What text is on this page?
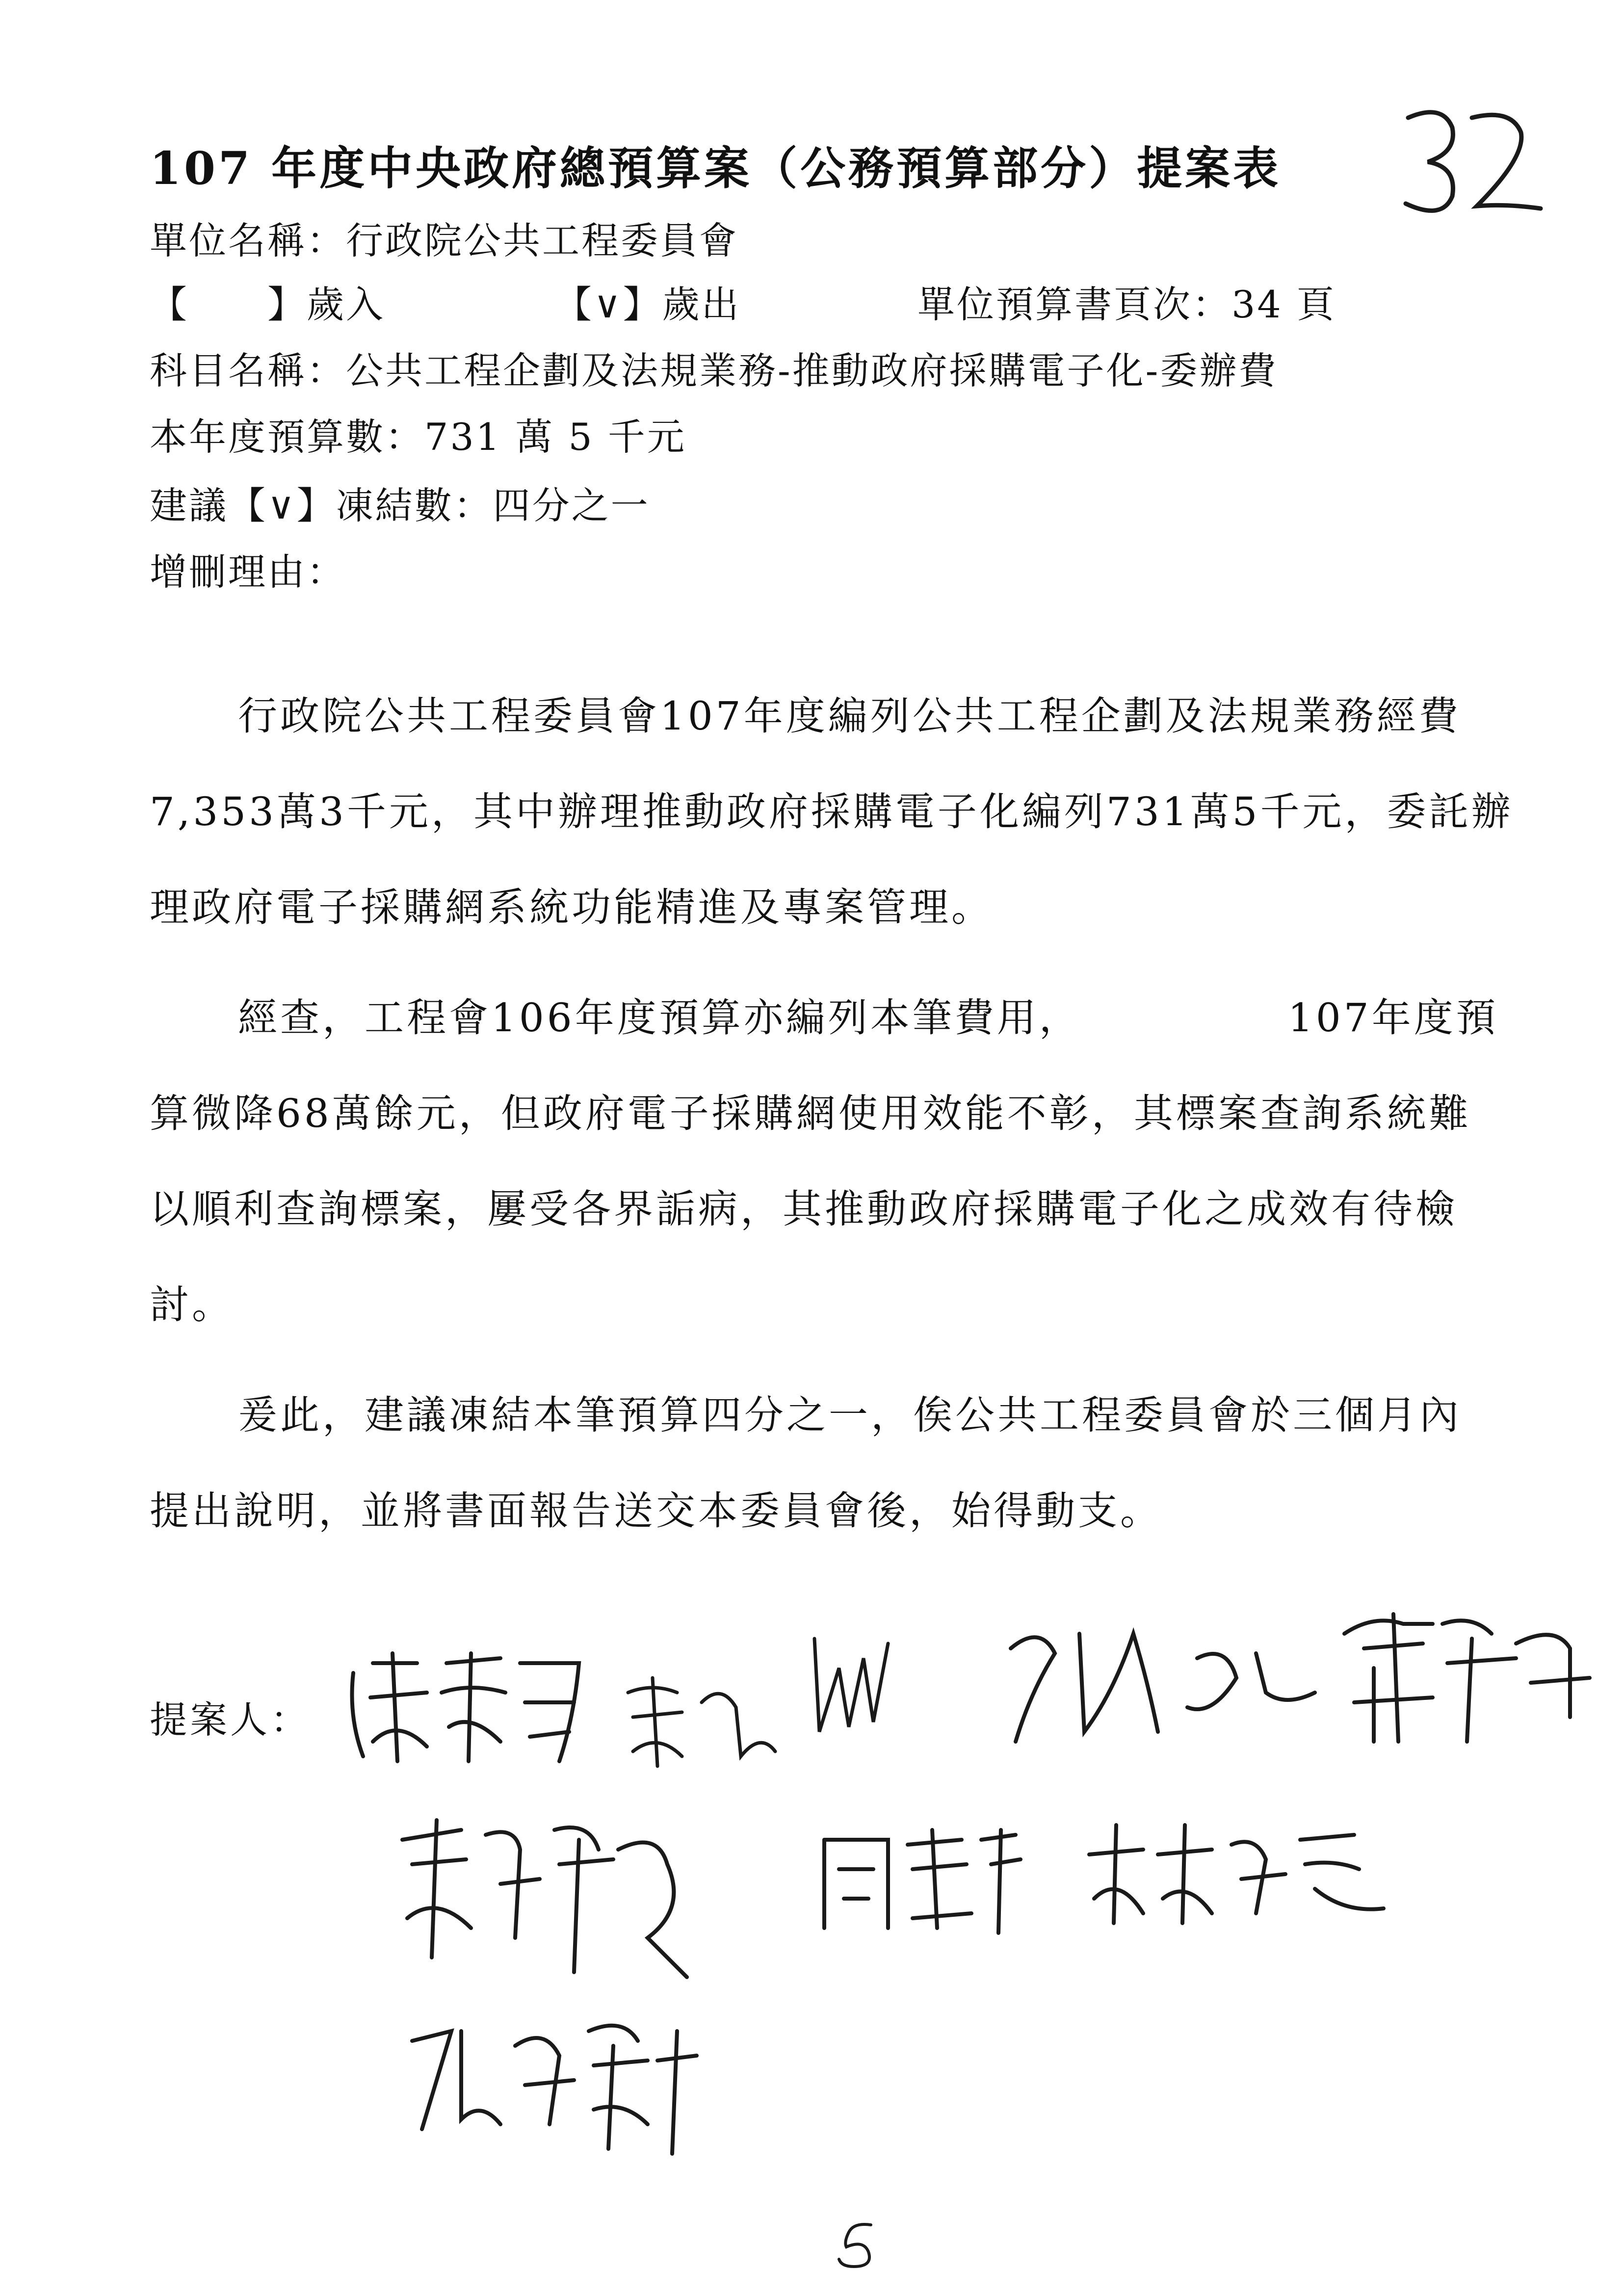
107 年度中央政府總預算案（公務預算部分）提案表
單位名稱：行政院公共工程委員會
【　　】歲入	【∨】歲出	單位預算書頁次：34 頁
科目名稱：公共工程企劃及法規業務-推動政府採購電子化-委辦費
本年度預算數：731 萬 5 千元
建議【∨】凍結數：四分之一
增刪理由：
行政院公共工程委員會107年度編列公共工程企劃及法規業務經費
7,353萬3千元，其中辦理推動政府採購電子化編列731萬5千元，委託辦
理政府電子採購網系統功能精進及專案管理。
經查，工程會106年度預算亦編列本筆費用，	107年度預
算微降68萬餘元，但政府電子採購網使用效能不彰，其標案查詢系統難
以順利查詢標案，屢受各界詬病，其推動政府採購電子化之成效有待檢
討。
爰此，建議凍結本筆預算四分之一，俟公共工程委員會於三個月內
提出說明，並將書面報告送交本委員會後，始得動支。
提案人：
